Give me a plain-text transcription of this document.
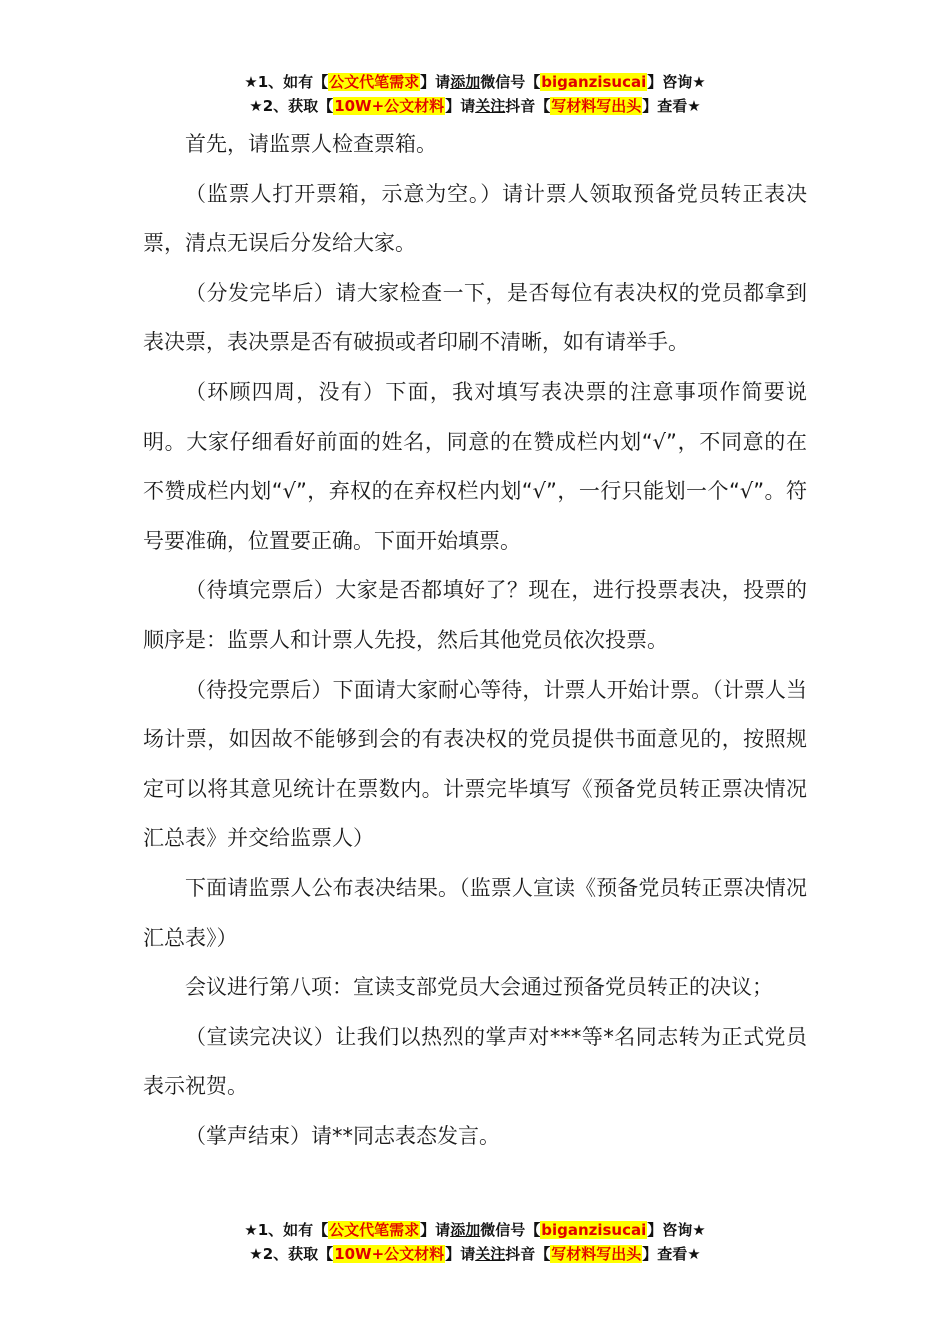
★1、如有【公文代笔需求】请添加微信号【biganzisucai】咨询★
★2、获取【10W+公文材料】请关注抖音【写材料写出头】查看★

首先，请监票人检查票箱。

（监票人打开票箱，示意为空。）请计票人领取预备党员转正表决票，清点无误后分发给大家。

（分发完毕后）请大家检查一下，是否每位有表决权的党员都拿到表决票，表决票是否有破损或者印刷不清晰，如有请举手。

（环顾四周，没有）下面，我对填写表决票的注意事项作简要说明。大家仔细看好前面的姓名，同意的在赞成栏内划“√”，不同意的在不赞成栏内划“√”，弃权的在弃权栏内划“√”，一行只能划一个“√”。符号要准确，位置要正确。下面开始填票。

（待填完票后）大家是否都填好了？现在，进行投票表决，投票的顺序是：监票人和计票人先投，然后其他党员依次投票。

（待投完票后）下面请大家耐心等待，计票人开始计票。（计票人当场计票，如因故不能够到会的有表决权的党员提供书面意见的，按照规定可以将其意见统计在票数内。计票完毕填写《预备党员转正票决情况汇总表》并交给监票人）

下面请监票人公布表决结果。（监票人宣读《预备党员转正票决情况汇总表》）

会议进行第八项：宣读支部党员大会通过预备党员转正的决议；

（宣读完决议）让我们以热烈的掌声对***等*名同志转为正式党员表示祝贺。

（掌声结束）请**同志表态发言。

★1、如有【公文代笔需求】请添加微信号【biganzisucai】咨询★
★2、获取【10W+公文材料】请关注抖音【写材料写出头】查看★
